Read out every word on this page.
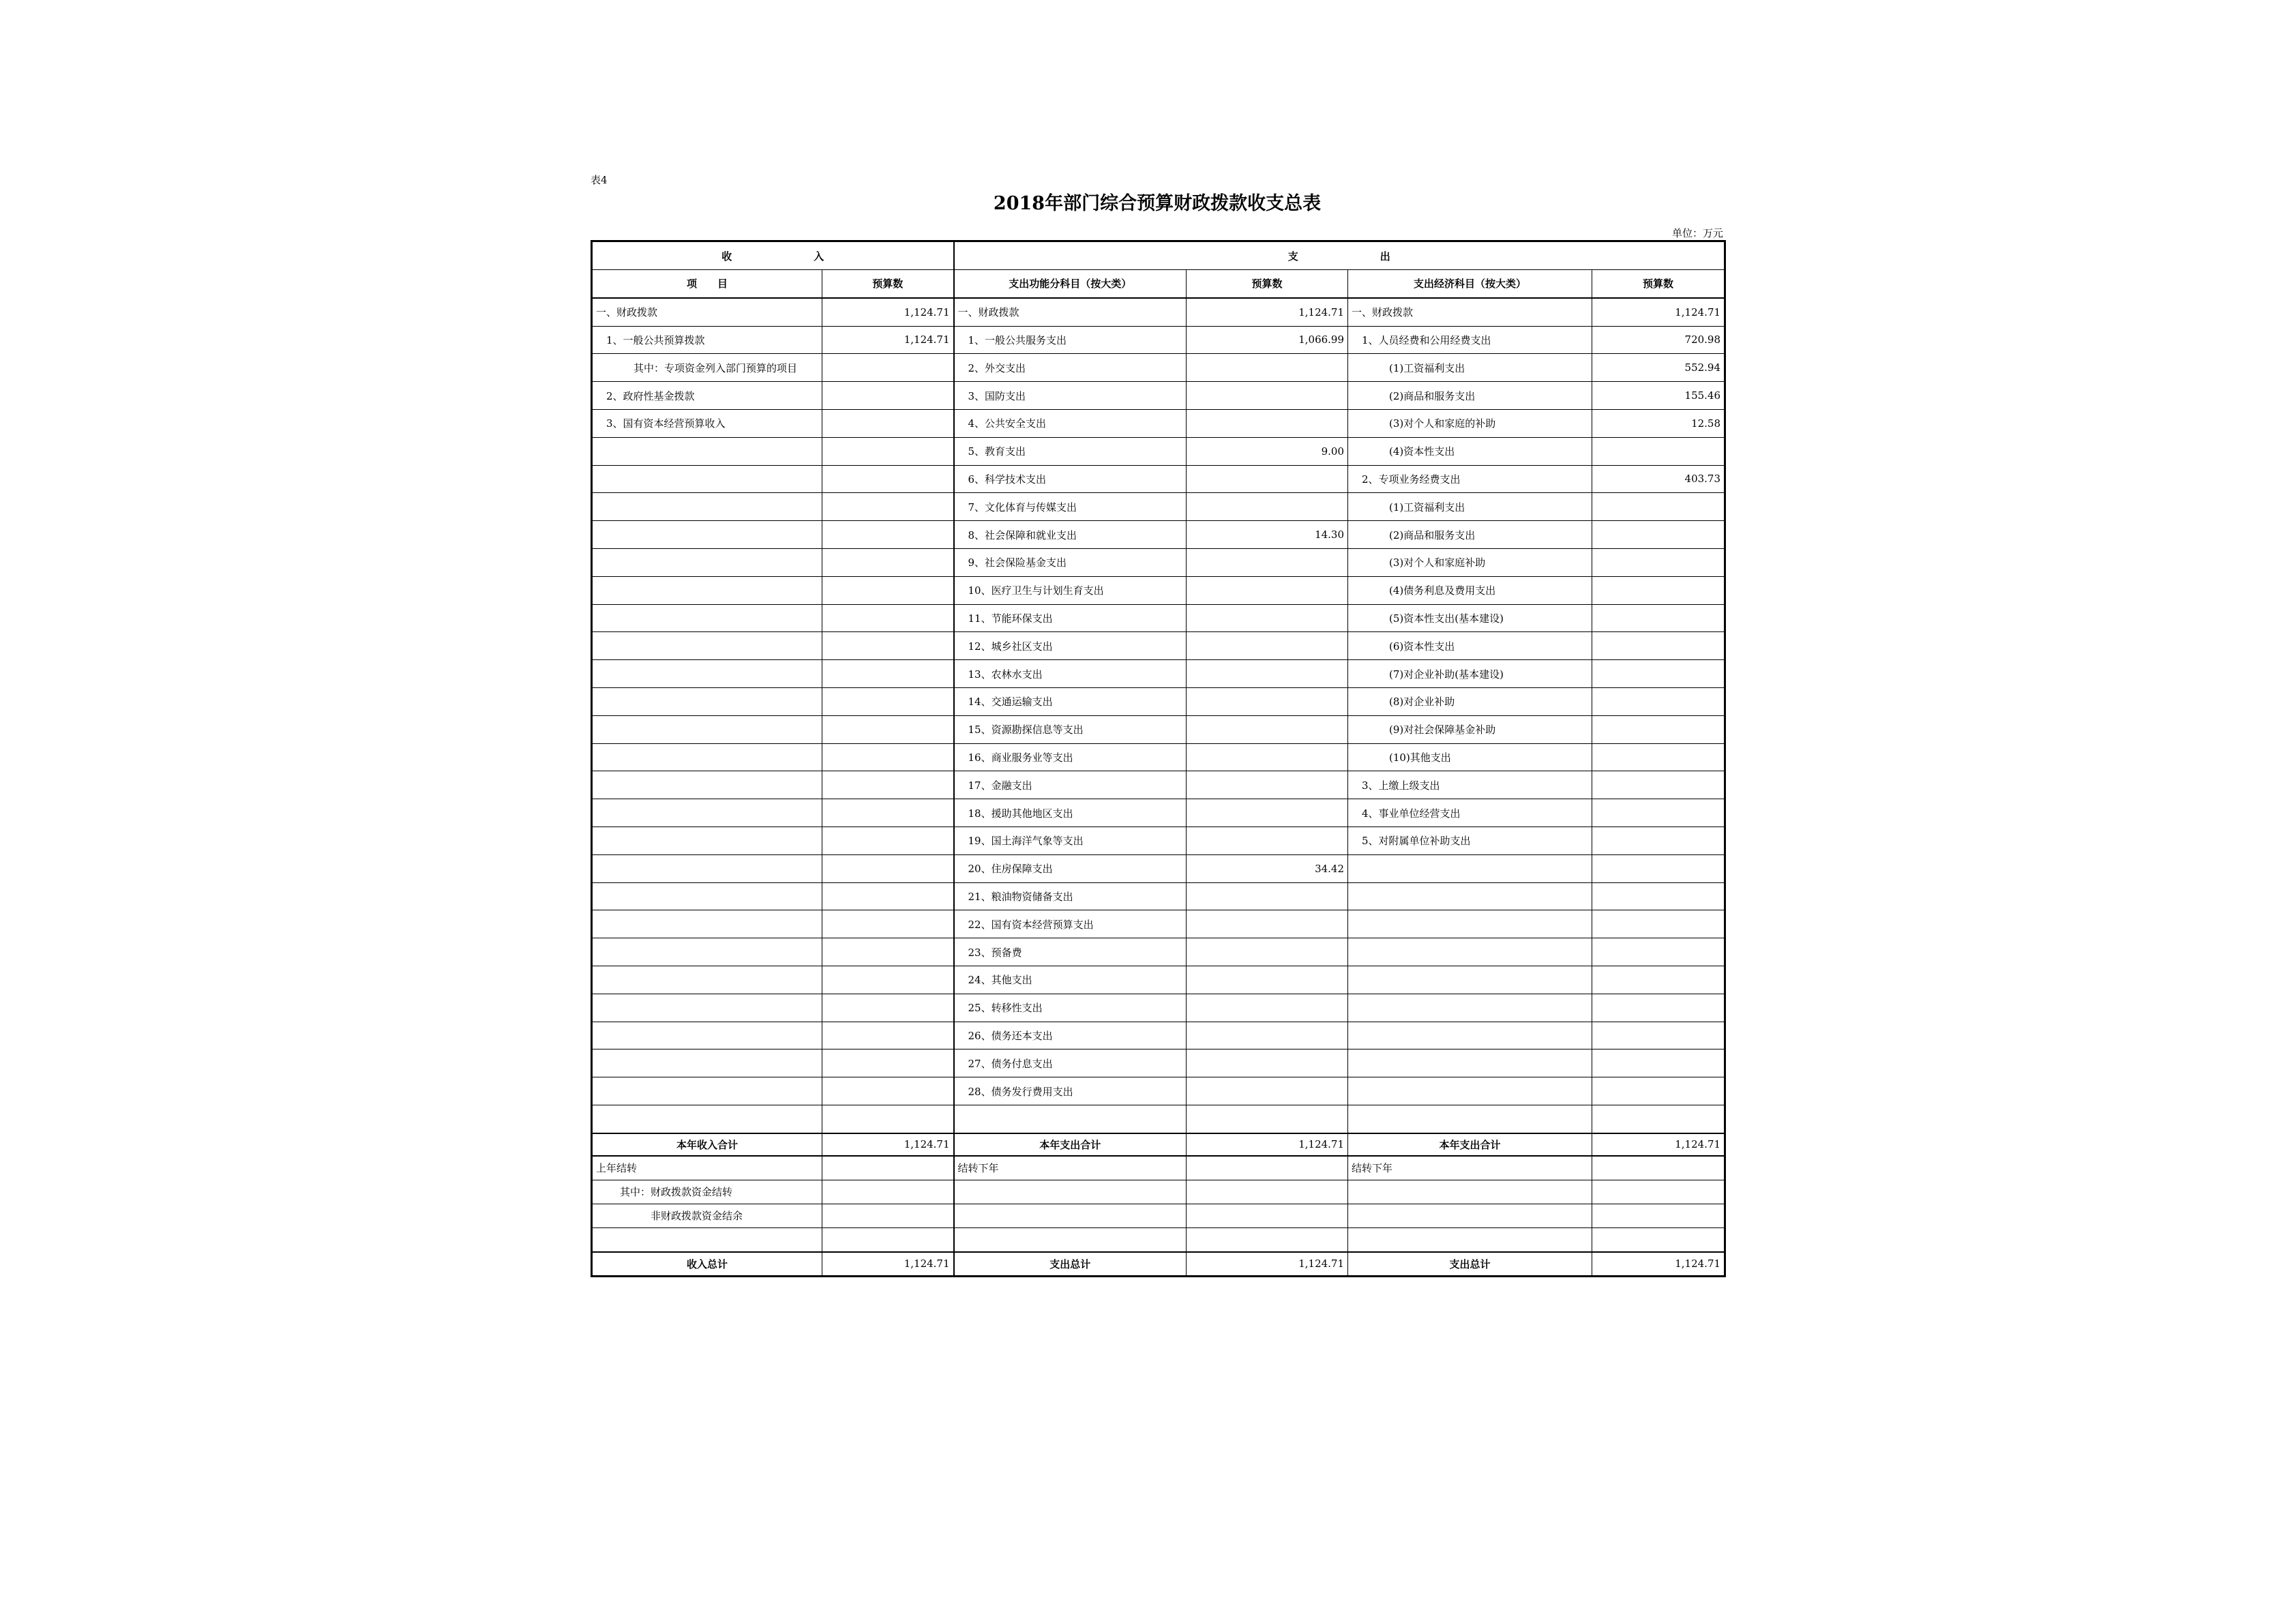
表4
2018年部门综合预算财政拨款收支总表
单位：万元
收　　　　　　　　入		支　　　　　　　　出			
项　　目	预算数	支出功能分科目（按大类）	预算数	支出经济科目（按大类）	预算数
一、财政拨款	1,124.71	一、财政拨款	1,124.71	一、财政拨款	1,124.71
1、一般公共预算拨款	1,124.71	1、一般公共服务支出	1,066.99	1、人员经费和公用经费支出	720.98
其中：专项资金列入部门预算的项目		2、外交支出		(1)工资福利支出	552.94
2、政府性基金拨款		3、国防支出		(2)商品和服务支出	155.46
3、国有资本经营预算收入		4、公共安全支出		(3)对个人和家庭的补助	12.58
		5、教育支出	9.00	(4)资本性支出	
		6、科学技术支出		2、专项业务经费支出	403.73
		7、文化体育与传媒支出		(1)工资福利支出	
		8、社会保障和就业支出	14.30	(2)商品和服务支出	
		9、社会保险基金支出		(3)对个人和家庭补助	
		10、医疗卫生与计划生育支出		(4)债务利息及费用支出	
		11、节能环保支出		(5)资本性支出(基本建设)	
		12、城乡社区支出		(6)资本性支出	
		13、农林水支出		(7)对企业补助(基本建设)	
		14、交通运输支出		(8)对企业补助	
		15、资源勘探信息等支出		(9)对社会保障基金补助	
		16、商业服务业等支出		(10)其他支出	
		17、金融支出		3、上缴上级支出	
		18、援助其他地区支出		4、事业单位经营支出	
		19、国土海洋气象等支出		5、对附属单位补助支出	
		20、住房保障支出	34.42		
		21、粮油物资储备支出			
		22、国有资本经营预算支出			
		23、预备费			
		24、其他支出			
		25、转移性支出			
		26、债务还本支出			
		27、债务付息支出			
		28、债务发行费用支出			

本年收入合计	1,124.71	本年支出合计	1,124.71	本年支出合计	1,124.71
上年结转		结转下年		结转下年	
其中：财政拨款资金结转					
非财政拨款资金结余					

收入总计	1,124.71	支出总计	1,124.71	支出总计	1,124.71
